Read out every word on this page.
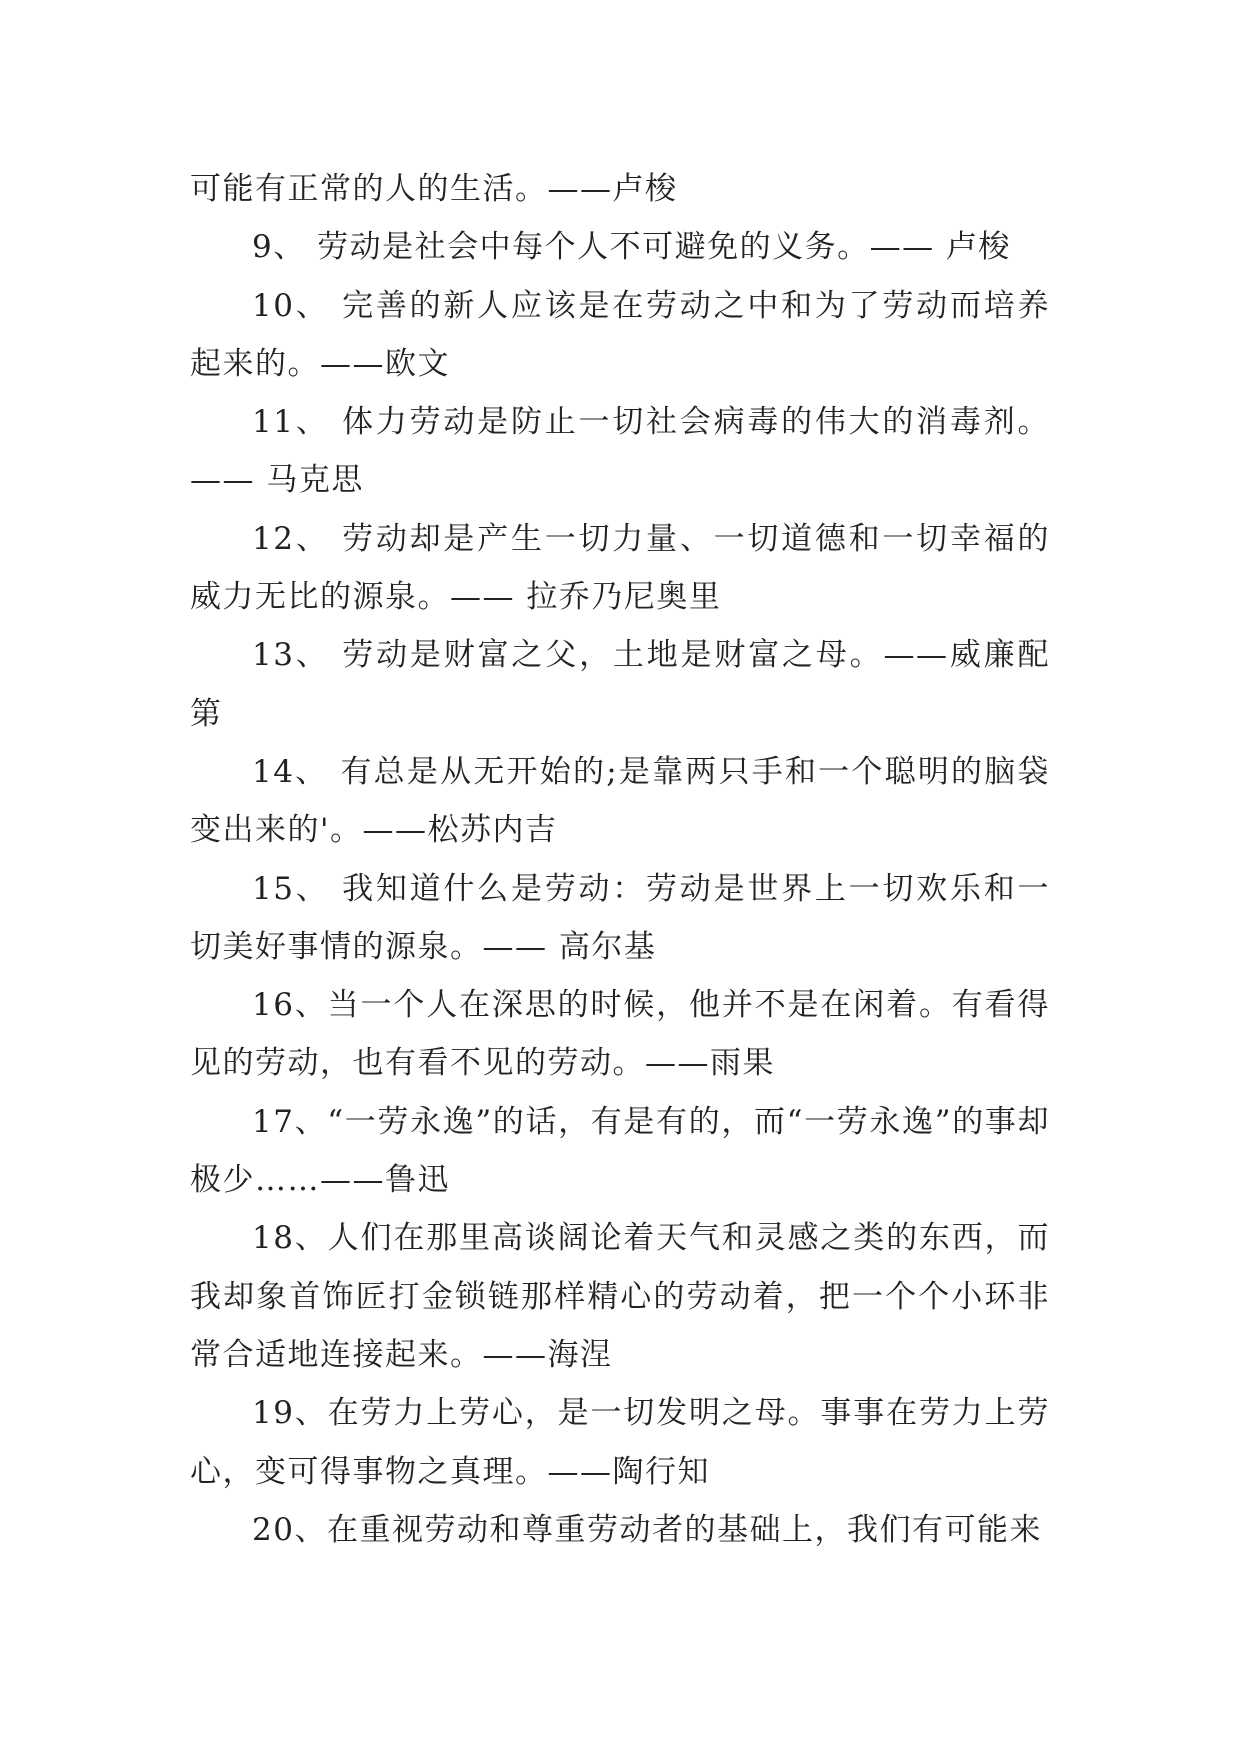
可能有正常的人的生活。——卢梭

9、 劳动是社会中每个人不可避免的义务。—— 卢梭

10、 完善的新人应该是在劳动之中和为了劳动而培养起来的。——欧文

11、 体力劳动是防止一切社会病毒的伟大的消毒剂。—— 马克思

12、 劳动却是产生一切力量、一切道德和一切幸福的威力无比的源泉。—— 拉乔乃尼奥里

13、 劳动是财富之父，土地是财富之母。——威廉配第

14、 有总是从无开始的;是靠两只手和一个聪明的脑袋变出来的'。——松苏内吉

15、 我知道什么是劳动：劳动是世界上一切欢乐和一切美好事情的源泉。—— 高尔基

16、当一个人在深思的时候，他并不是在闲着。有看得见的劳动，也有看不见的劳动。——雨果

17、“一劳永逸”的话，有是有的，而“一劳永逸”的事却极少……——鲁迅

18、人们在那里高谈阔论着天气和灵感之类的东西，而我却象首饰匠打金锁链那样精心的劳动着，把一个个小环非常合适地连接起来。——海涅

19、在劳力上劳心，是一切发明之母。事事在劳力上劳心，变可得事物之真理。——陶行知

20、在重视劳动和尊重劳动者的基础上，我们有可能来
